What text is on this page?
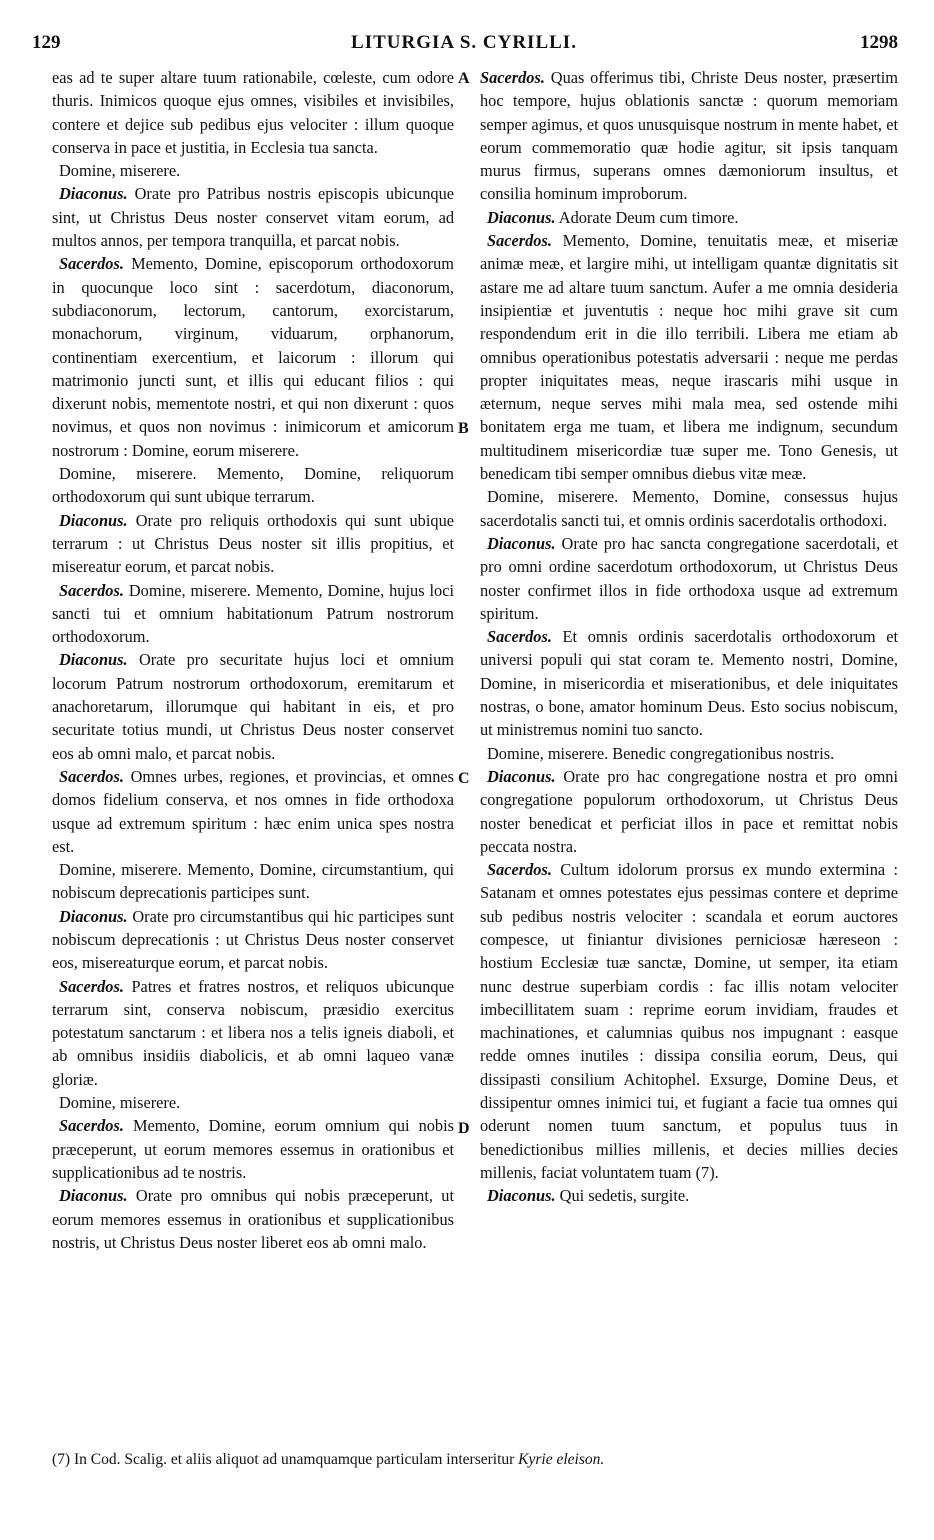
129	LITURGIA S. CYRILLI.	1298

eas ad te super altare tuum rationabile, cœleste, cum odore thuris. Inimicos quoque ejus omnes, visibiles et invisibiles, contere et dejice sub pedibus ejus velociter : illum quoque conserva in pace et justitia, in Ecclesia tua sancta.

Domine, miserere.

Diaconus. Orate pro Patribus nostris episcopis ubicunque sint, ut Christus Deus noster conservet vitam eorum, ad multos annos, per tempora tranquilla, et parcat nobis.

Sacerdos. Memento, Domine, episcoporum orthodoxorum in quocunque loco sint : sacerdotum, diaconorum, subdiaconorum, lectorum, cantorum, exorcistarum, monachorum, virginum, viduarum, orphanorum, continentiam exercentium, et laicorum : illorum qui matrimonio juncti sunt, et illis qui educant filios : qui dixerunt nobis, mementote nostri, et qui non dixerunt : quos novimus, et quos non novimus : inimicorum et amicorum nostrorum : Domine, eorum miserere.

Domine, miserere. Memento, Domine, reliquorum orthodoxorum qui sunt ubique terrarum.

Diaconus. Orate pro reliquis orthodoxis qui sunt ubique terrarum : ut Christus Deus noster sit illis propitius, et misereatur eorum, et parcat nobis.

Sacerdos. Domine, miserere. Memento, Domine, hujus loci sancti tui et omnium habitationum Patrum nostrorum orthodoxorum.

Diaconus. Orate pro securitate hujus loci et omnium locorum Patrum nostrorum orthodoxorum, eremitarum et anachoretarum, illorumque qui habitant in eis, et pro securitate totius mundi, ut Christus Deus noster conservet eos ab omni malo, et parcat nobis.

Sacerdos. Omnes urbes, regiones, et provincias, et omnes domos fidelium conserva, et nos omnes in fide orthodoxa usque ad extremum spiritum : hæc enim unica spes nostra est.

Domine, miserere. Memento, Domine, circumstantium, qui nobiscum deprecationis participes sunt.

Diaconus. Orate pro circumstantibus qui hic participes sunt nobiscum deprecationis : ut Christus Deus noster conservet eos, misereaturque eorum, et parcat nobis.

Sacerdos. Patres et fratres nostros, et reliquos ubicunque terrarum sint, conserva nobiscum, præsidio exercitus potestatum sanctarum : et libera nos a telis igneis diaboli, et ab omnibus insidiis diabolicis, et ab omni laqueo vanæ gloriæ.

Domine, miserere.

Sacerdos. Memento, Domine, eorum omnium qui nobis præceperunt, ut eorum memores essemus in orationibus et supplicationibus ad te nostris.

Diaconus. Orate pro omnibus qui nobis præceperunt, ut eorum memores essemus in orationibus et supplicationibus nostris, ut Christus Deus noster liberet eos ab omni malo.

Sacerdos. Quas offerimus tibi, Christe Deus noster, præsertim hoc tempore, hujus oblationis sanctæ : quorum memoriam semper agimus, et quos unusquisque nostrum in mente habet, et eorum commemoratio quæ hodie agitur, sit ipsis tanquam murus firmus, superans omnes dæmoniorum insultus, et consilia hominum improborum.

Diaconus. Adorate Deum cum timore.

Sacerdos. Memento, Domine, tenuitatis meæ, et miseriæ animæ meæ, et largire mihi, ut intelligam quantæ dignitatis sit astare me ad altare tuum sanctum. Aufer a me omnia desideria insipientiæ et juventutis : neque hoc mihi grave sit cum respondendum erit in die illo terribili. Libera me etiam ab omnibus operationibus potestatis adversarii : neque me perdas propter iniquitates meas, neque irascaris mihi usque in æternum, neque serves mihi mala mea, sed ostende mihi bonitatem erga me tuam, et libera me indignum, secundum multitudinem misericordiæ tuæ super me. Tono Genesis, ut benedicam tibi semper omnibus diebus vitæ meæ.

Domine, miserere. Memento, Domine, consessus hujus sacerdotalis sancti tui, et omnis ordinis sacerdotalis orthodoxi.

Diaconus. Orate pro hac sancta congregatione sacerdotali, et pro omni ordine sacerdotum orthodoxorum, ut Christus Deus noster confirmet illos in fide orthodoxa usque ad extremum spiritum.

Sacerdos. Et omnis ordinis sacerdotalis orthodoxorum et universi populi qui stat coram te. Memento nostri, Domine, Domine, in misericordia et miserationibus, et dele iniquitates nostras, o bone, amator hominum Deus. Esto socius nobiscum, ut ministremus nomini tuo sancto.

Domine, miserere. Benedic congregationibus nostris.

Diaconus. Orate pro hac congregatione nostra et pro omni congregatione populorum orthodoxorum, ut Christus Deus noster benedicat et perficiat illos in pace et remittat nobis peccata nostra.

Sacerdos. Cultum idolorum prorsus ex mundo extermina : Satanam et omnes potestates ejus pessimas contere et deprime sub pedibus nostris velociter : scandala et eorum auctores compesce, ut finiantur divisiones perniciosæ hæreseon : hostium Ecclesiæ tuæ sanctæ, Domine, ut semper, ita etiam nunc destrue superbiam cordis : fac illis notam velociter imbecillitatem suam : reprime eorum invidiam, fraudes et machinationes, et calumnias quibus nos impugnant : easque redde omnes inutiles : dissipa consilia eorum, Deus, qui dissipasti consilium Achitophel. Exsurge, Domine Deus, et dissipentur omnes inimici tui, et fugiant a facie tua omnes qui oderunt nomen tuum sanctum, et populus tuus in benedictionibus millies millenis, et decies millies decies millenis, faciat voluntatem tuam (7).

Diaconus. Qui sedetis, surgite.

A
B
C
D
(7) In Cod. Scalig. et aliis aliquot ad unamquamque particulam interseritur Kyrie eleison.
